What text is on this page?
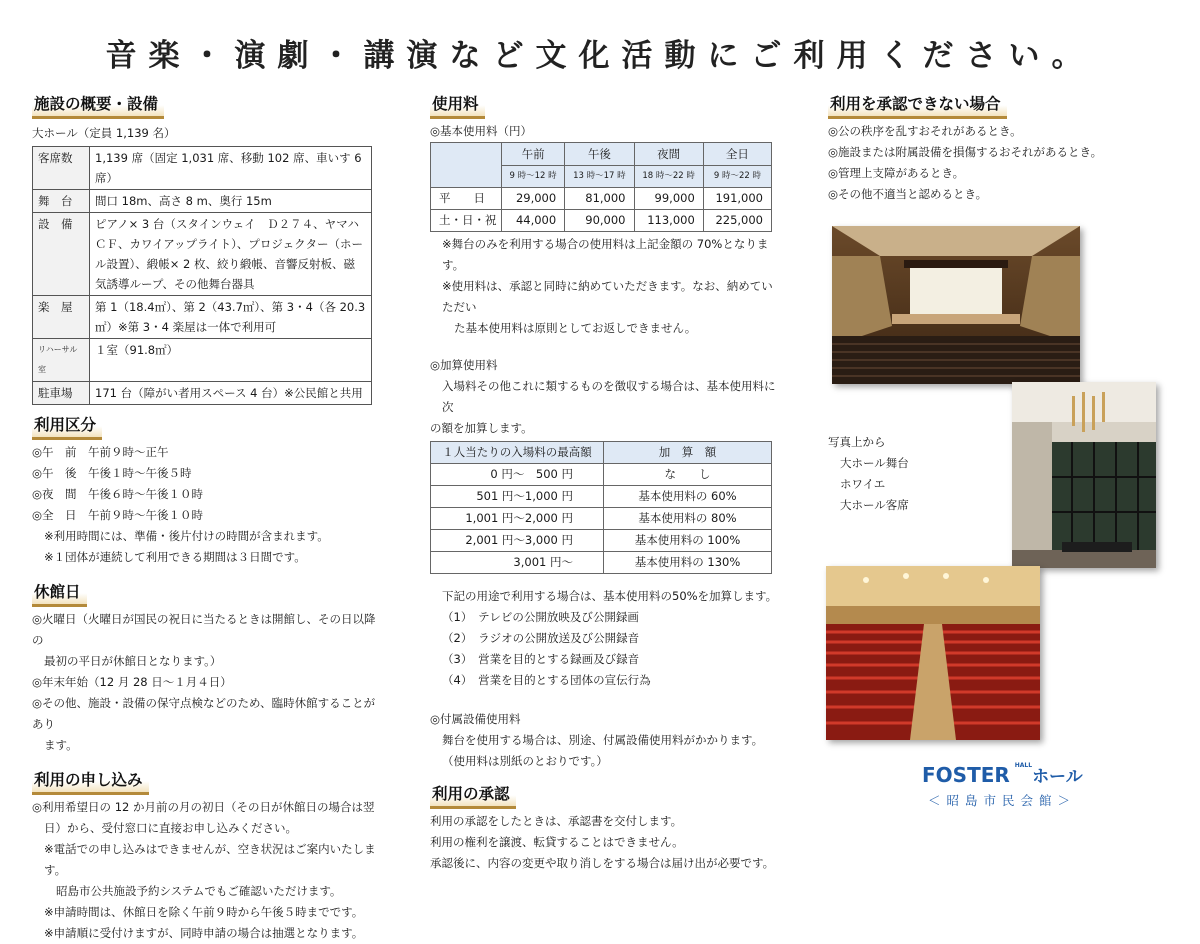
音楽・演劇・講演など文化活動にご利用ください。
施設の概要・設備

大ホール（定員 1,139 名）

客席数	1,139 席（固定 1,031 席、移動 102 席、車いす 6 席）
舞　台	間口 18m、高さ 8 m、奥行 15m
設　備	ピアノ× 3 台（スタインウェイ　Ｄ２７４、ヤマハＣＦ、カワイアップライト）、プロジェクター（ホール設置）、緞帳× 2 枚、絞り緞帳、音響反射板、磁気誘導ループ、その他舞台器具
楽　屋	第 1（18.4㎡）、第 2（43.7㎡）、第 3・4（各 20.3㎡）※第 3・4 楽屋は一体で利用可
リハーサル室	１室（91.8㎡）
駐車場	171 台（障がい者用スペース 4 台）※公民館と共用
利用区分

◎午　前　午前９時～正午

◎午　後　午後１時～午後５時

◎夜　間　午後６時～午後１０時

◎全　日　午前９時～午後１０時

※利用時間には、準備・後片付けの時間が含まれます。

※１団体が連続して利用できる期間は３日間です。

休館日

◎火曜日（火曜日が国民の祝日に当たるときは開館し、その日以降の

最初の平日が休館日となります。）

◎年末年始（12 月 28 日～１月４日）

◎その他、施設・設備の保守点検などのため、臨時休館することがあり

ます。

利用の申し込み

◎利用希望日の 12 か月前の月の初日（その日が休館日の場合は翌

日）から、受付窓口に直接お申し込みください。

※電話での申し込みはできませんが、空き状況はご案内いたします。

昭島市公共施設予約システムでもご確認いただけます。

※申請時間は、休館日を除く午前９時から午後５時までです。

※申請順に受付けますが、同時申請の場合は抽選となります。

使用料

◎基本使用料（円）

	午前	午後	夜間	全日
	9 時～12 時	13 時～17 時	18 時～22 時	9 時～22 時
平　　日	29,000	81,000	99,000	191,000
土・日・祝	44,000	90,000	113,000	225,000

※舞台のみを利用する場合の使用料は上記金額の 70%となります。

※使用料は、承認と同時に納めていただきます。なお、納めていただい

た基本使用料は原則としてお返しできません。

◎加算使用料

入場料その他これに類するものを徴収する場合は、基本使用料に次

の額を加算します。

１人当たりの入場料の最高額	加　算　額
0 円～　500 円	な　　し
501 円～1,000 円	基本使用料の 60%
1,001 円～2,000 円	基本使用料の 80%
2,001 円～3,000 円	基本使用料の 100%
3,001 円～	基本使用料の 130%

下記の用途で利用する場合は、基本使用料の50%を加算します。

（1）　テレビの公開放映及び公開録画

（2）　ラジオの公開放送及び公開録音

（3）　営業を目的とする録画及び録音

（4）　営業を目的とする団体の宣伝行為

◎付属設備使用料

舞台を使用する場合は、別途、付属設備使用料がかかります。

（使用料は別紙のとおりです。）

利用の承認

利用の承認をしたときは、承認書を交付します。

利用の権利を譲渡、転貸することはできません。

承認後に、内容の変更や取り消しをする場合は届け出が必要です。

利用を承認できない場合

◎公の秩序を乱すおそれがあるとき。

◎施設または附属設備を損傷するおそれがあるとき。

◎管理上支障があるとき。

◎その他不適当と認めるとき。

写真上から

大ホール舞台

ホワイエ

大ホール客席

FOSTER $^{HALL}$ホール
＜昭島市民会館＞
